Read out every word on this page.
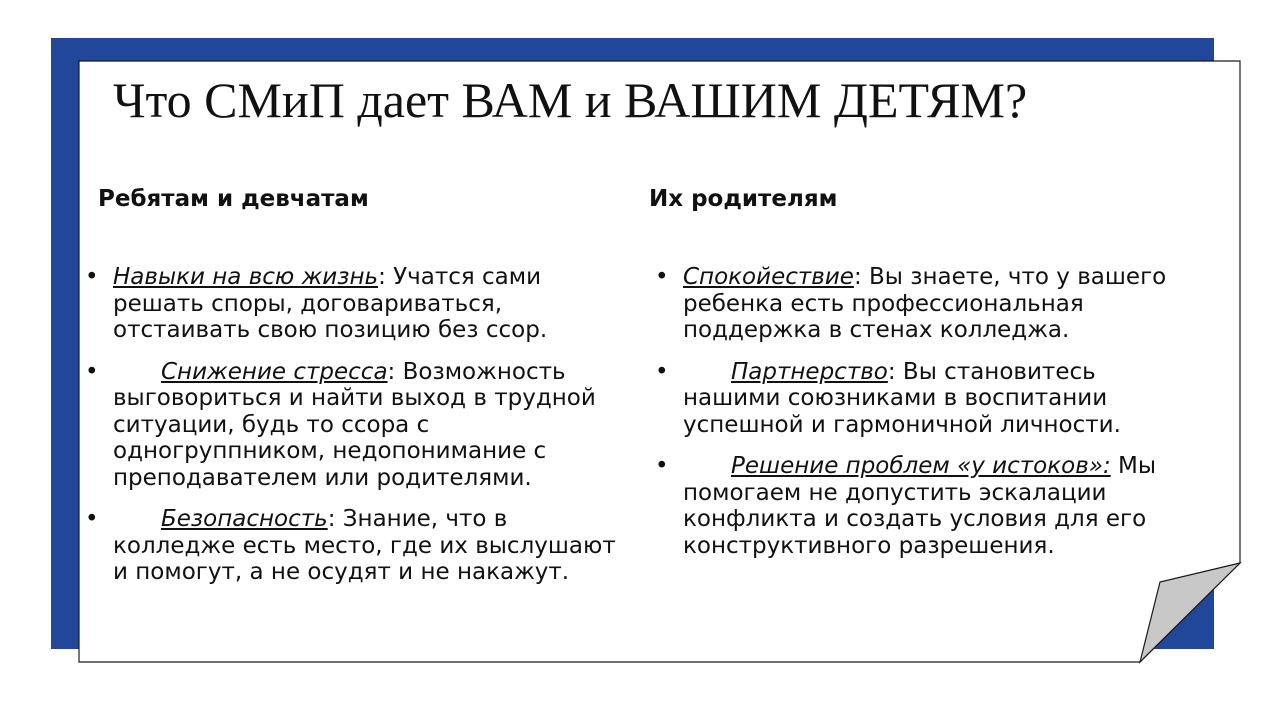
Что СМиП дает ВАМ и ВАШИМ ДЕТЯМ?
Ребятам и девчатам	Их родителям
• Навыки на всю жизнь: Учатся сами решать споры, договариваться, отстаивать свою позицию без ссор.
•	Снижение стресса: Возможность выговориться и найти выход в трудной ситуации, будь то ссора с одногруппником, недопонимание с преподавателем или родителями.
•	Безопасность: Знание, что в колледже есть место, где их выслушают и помогут, а не осудят и не накажут.
• Спокойествие: Вы знаете, что у вашего ребенка есть профессиональная поддержка в стенах колледжа.
•	Партнерство: Вы становитесь нашими союзниками в воспитании успешной и гармоничной личности.
•	Решение проблем «у истоков»: Мы помогаем не допустить эскалации конфликта и создать условия для его конструктивного разрешения.
